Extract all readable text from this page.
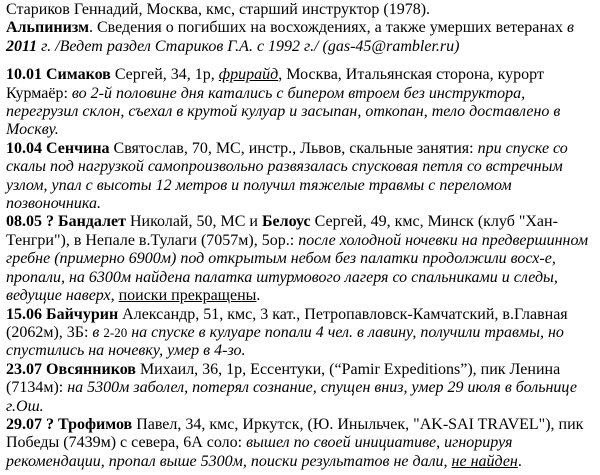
Стариков Геннадий, Москва, кмс, старший инструктор (1978).

Альпинизм. Сведения о погибших на восхождениях, а также умерших ветеранах в 2011 г. /Ведет раздел Стариков Г.А. с 1992 г./ (gas-45@rambler.ru)

10.01 Симаков Сергей, 34, 1р, фрирайд, Москва, Итальянская сторона, курорт Курмаёр: во 2-й половине дня катались с бипером втроем без инструктора, перегрузил склон, съехал в крутой кулуар и засыпан, откопан, тело доставлено в Москву.

10.04 Сенчина Святослав, 70, МС, инстр., Львов, скальные занятия: при спуске со скалы под нагрузкой самопроизвольно развязалась спусковая петля со встречным узлом, упал с высоты 12 метров и получил тяжелые травмы с переломом позвоночника.

08.05 ? Бандалет Николай, 50, МС и Белоус Сергей, 49, кмс, Минск (клуб "Хан-Тенгри"), в Непале в.Тулаги (7057м), 5ор.: после холодной ночевки на предвершинном гребне (примерно 6900м) под открытым небом без палатки продолжили восх-е, пропали, на 6300м найдена палатка штурмового лагеря со спальниками и следы, ведущие наверх, поиски прекращены.

15.06 Байчурин Александр, 51, кмс, 3 кат., Петропавловск-Камчатский, в.Главная (2062м), 3Б: в 2-20 на спуске в кулуаре попали 4 чел. в лавину, получили травмы, но спустились на ночевку, умер в 4-зо.

23.07 Овсянников Михаил, 36, 1р, Ессентуки, (“Pamir Expeditions”), пик Ленина (7134м): на 5300м заболел, потерял сознание, спущен вниз, умер 29 июля в больнице г.Ош.

29.07 ? Трофимов Павел, 34, кмс, Иркутск, (Ю. Иныльчек, "AK-SAI TRAVEL"), пик Победы (7439м) с севера, 6А соло: вышел по своей инициативе, игнорируя рекомендации, пропал выше 5300м, поиски результатов не дали, не найден.
